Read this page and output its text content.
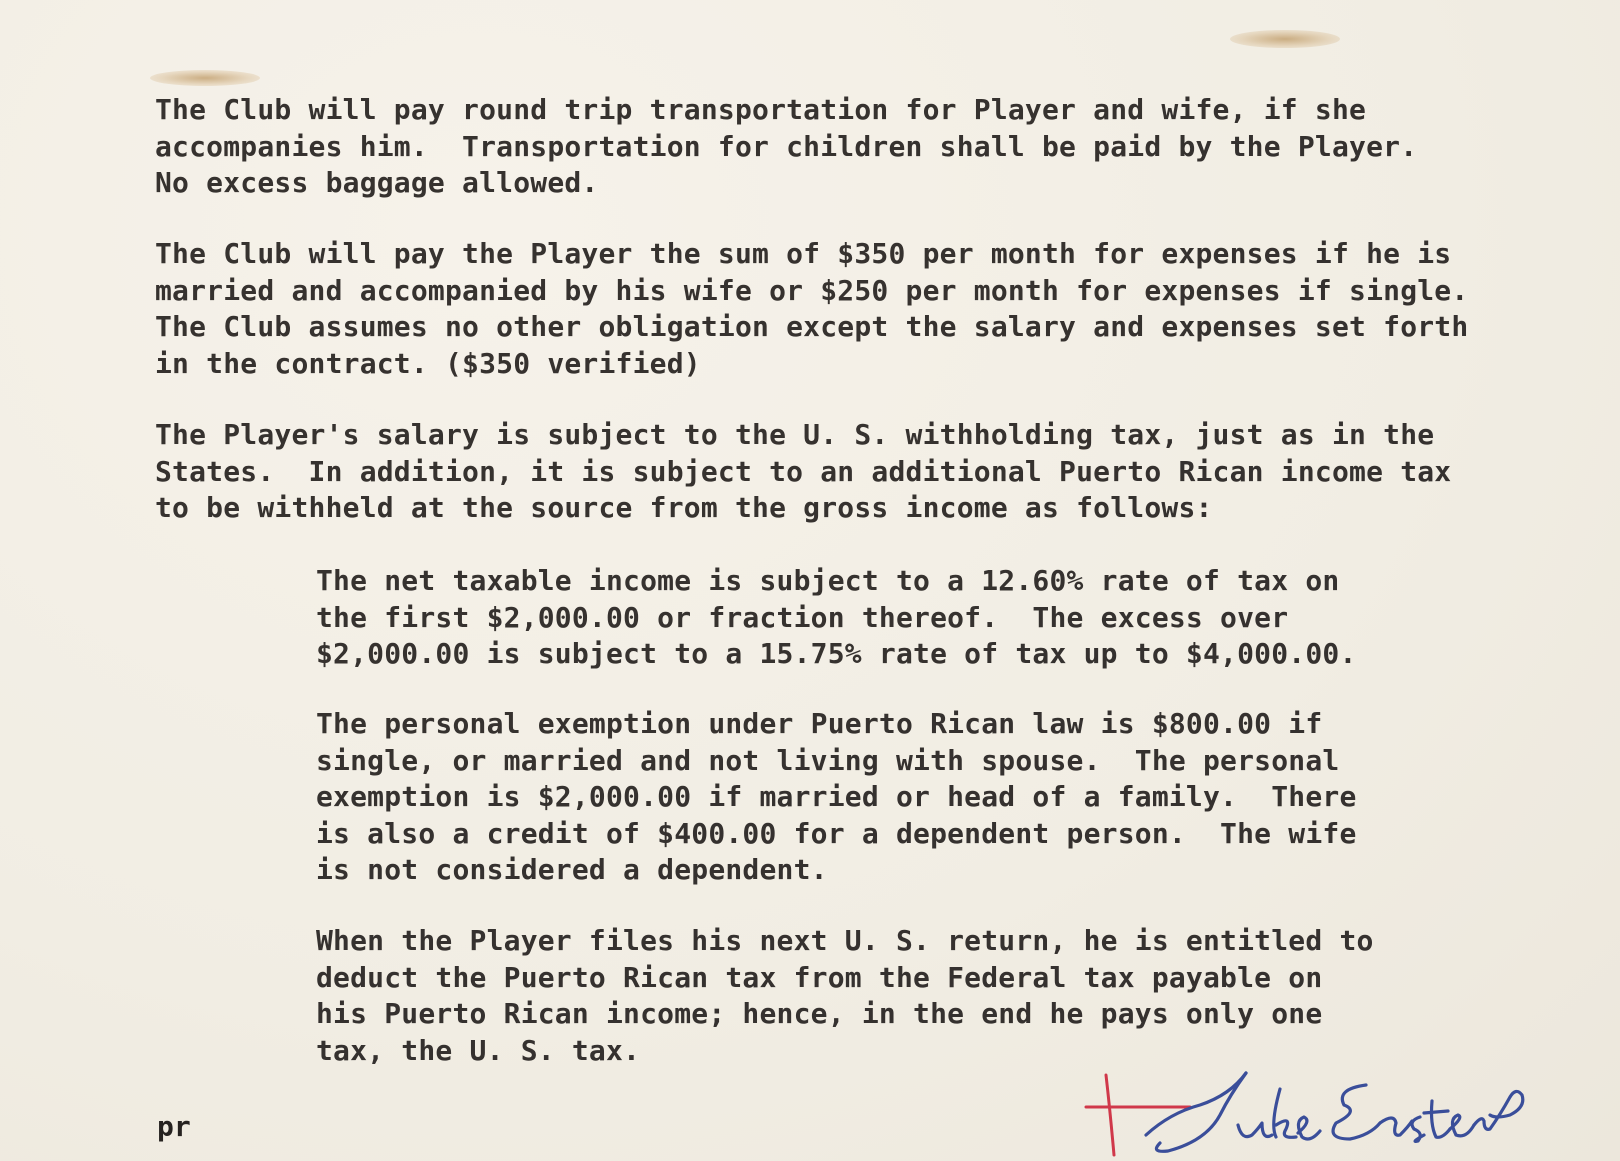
The Club will pay round trip transportation for Player and wife, if she
accompanies him.  Transportation for children shall be paid by the Player.
No excess baggage allowed.

The Club will pay the Player the sum of $350 per month for expenses if he is
married and accompanied by his wife or $250 per month for expenses if single.
The Club assumes no other obligation except the salary and expenses set forth
in the contract. ($350 verified)

The Player's salary is subject to the U. S. withholding tax, just as in the
States.  In addition, it is subject to an additional Puerto Rican income tax
to be withheld at the source from the gross income as follows:

The net taxable income is subject to a 12.60% rate of tax on
the first $2,000.00 or fraction thereof.  The excess over
$2,000.00 is subject to a 15.75% rate of tax up to $4,000.00.

The personal exemption under Puerto Rican law is $800.00 if
single, or married and not living with spouse.  The personal
exemption is $2,000.00 if married or head of a family.  There
is also a credit of $400.00 for a dependent person.  The wife
is not considered a dependent.

When the Player files his next U. S. return, he is entitled to
deduct the Puerto Rican tax from the Federal tax payable on
his Puerto Rican income; hence, in the end he pays only one
tax, the U. S. tax.

pr
